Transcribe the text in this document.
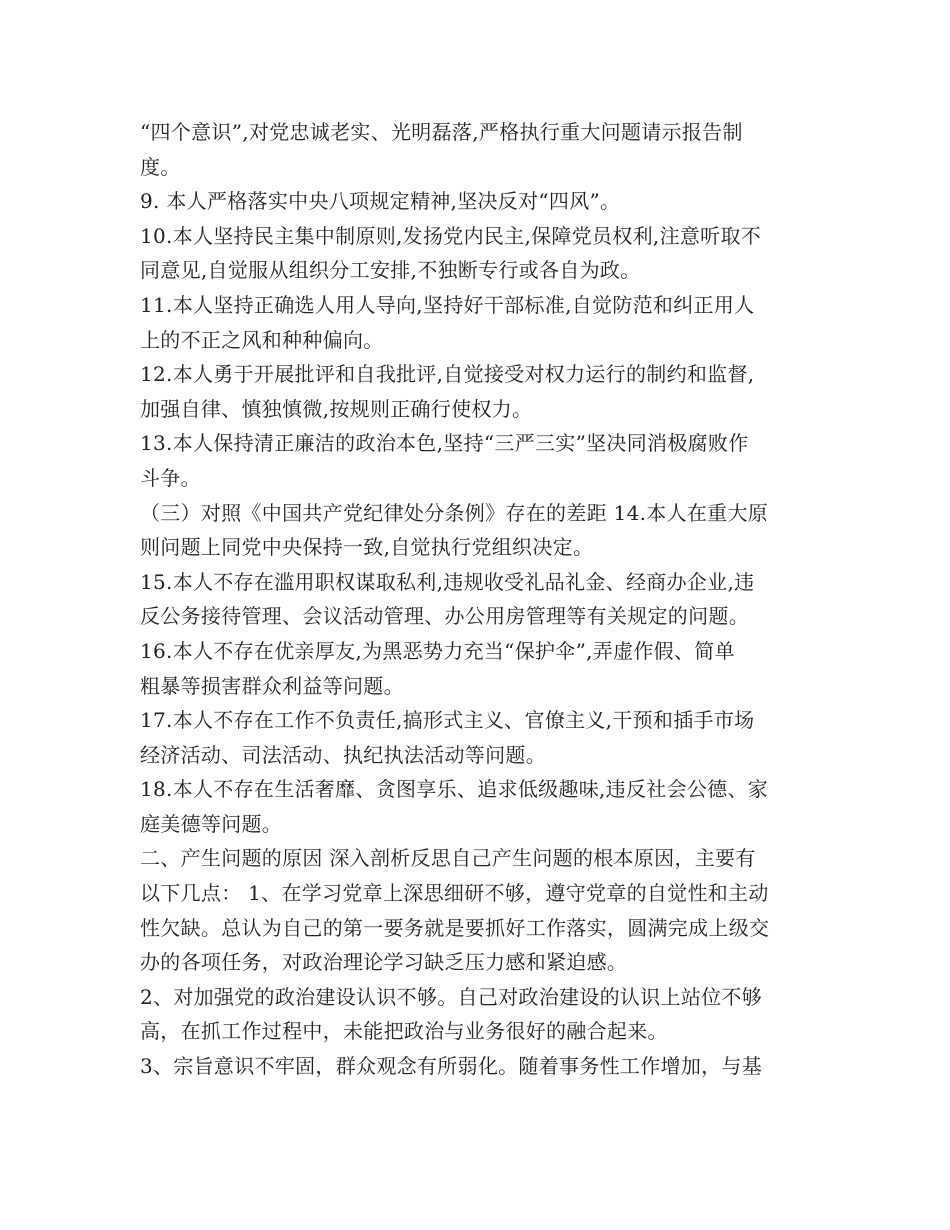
“四个意识”,对党忠诚老实、光明磊落,严格执行重大问题请示报告制
度。
9. 本人严格落实中央八项规定精神,坚决反对“四风”。
10.本人坚持民主集中制原则,发扬党内民主,保障党员权利,注意听取不
同意见,自觉服从组织分工安排,不独断专行或各自为政。
11.本人坚持正确选人用人导向,坚持好干部标准,自觉防范和纠正用人
上的不正之风和种种偏向。
12.本人勇于开展批评和自我批评,自觉接受对权力运行的制约和监督,
加强自律、慎独慎微,按规则正确行使权力。
13.本人保持清正廉洁的政治本色,坚持“三严三实”坚决同消极腐败作
斗争。
（三）对照《中国共产党纪律处分条例》存在的差距 14.本人在重大原
则问题上同党中央保持一致,自觉执行党组织决定。
15.本人不存在滥用职权谋取私利,违规收受礼品礼金、经商办企业,违
反公务接待管理、会议活动管理、办公用房管理等有关规定的问题。
16.本人不存在优亲厚友,为黑恶势力充当“保护伞”,弄虚作假、简单
粗暴等损害群众利益等问题。
17.本人不存在工作不负责任,搞形式主义、官僚主义,干预和插手市场
经济活动、司法活动、执纪执法活动等问题。
18.本人不存在生活奢靡、贪图享乐、追求低级趣味,违反社会公德、家
庭美德等问题。
二、产生问题的原因 深入剖析反思自己产生问题的根本原因，主要有
以下几点： 1、在学习党章上深思细研不够，遵守党章的自觉性和主动
性欠缺。总认为自己的第一要务就是要抓好工作落实，圆满完成上级交
办的各项任务，对政治理论学习缺乏压力感和紧迫感。
2、对加强党的政治建设认识不够。自己对政治建设的认识上站位不够
高，在抓工作过程中，未能把政治与业务很好的融合起来。
3、宗旨意识不牢固，群众观念有所弱化。随着事务性工作增加，与基
